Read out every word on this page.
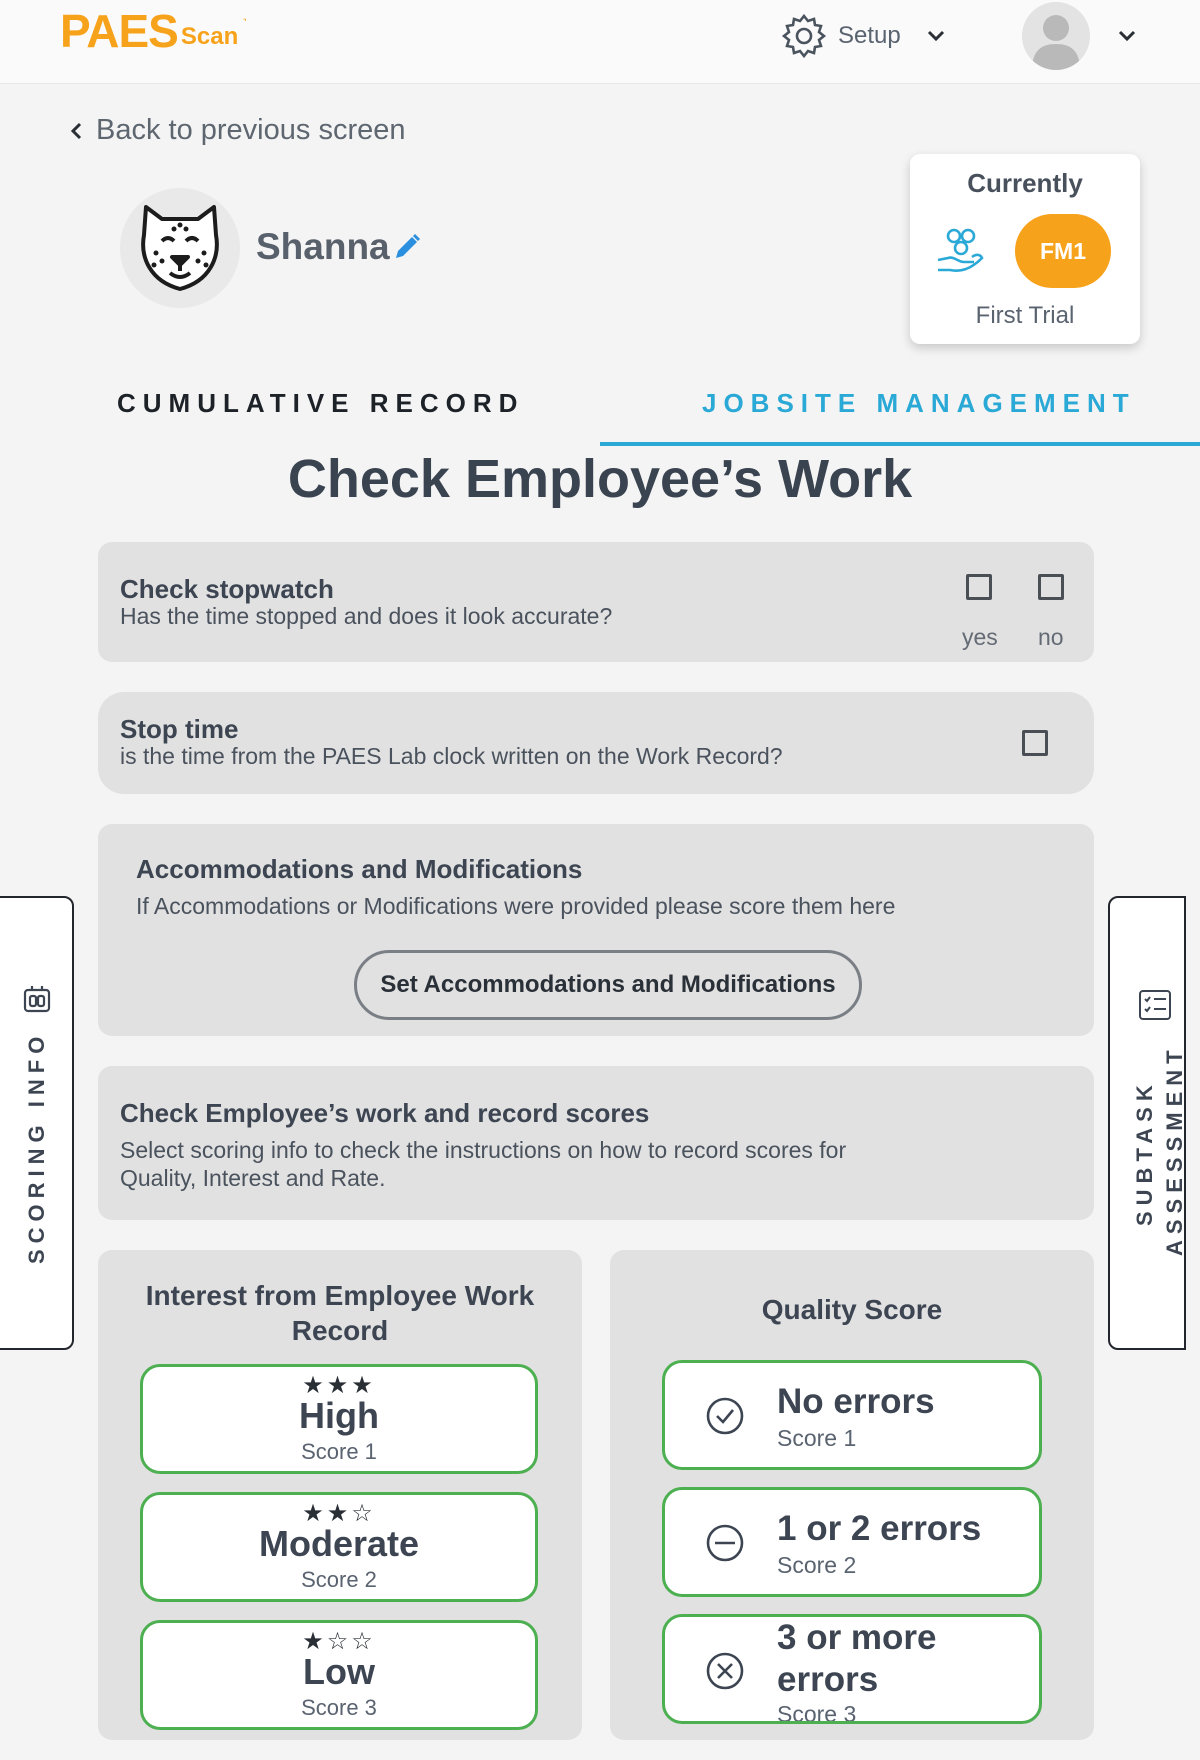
PAES Scan ˺	Setup
Back to previous screen
Shanna
Currently
FM1
First Trial
CUMULATIVE RECORD	JOBSITE MANAGEMENT
Check Employee’s Work
Check stopwatch
Has the time stopped and does it look accurate?
yes no
Stop time
is the time from the PAES Lab clock written on the Work Record?
Accommodations and Modifications
If Accommodations or Modifications were provided please score them here
Set Accommodations and Modifications
Check Employee’s work and record scores
Select scoring info to check the instructions on how to record scores for
Quality, Interest and Rate.
SCORING INFO	SUBTASK ASSESSMENT
Interest from Employee Work
Record
★★★
High
Score 1
★★☆
Moderate
Score 2
★☆☆
Low
Score 3
Quality Score
No errors
Score 1
1 or 2 errors
Score 2
3 or more
errors
Score 3
